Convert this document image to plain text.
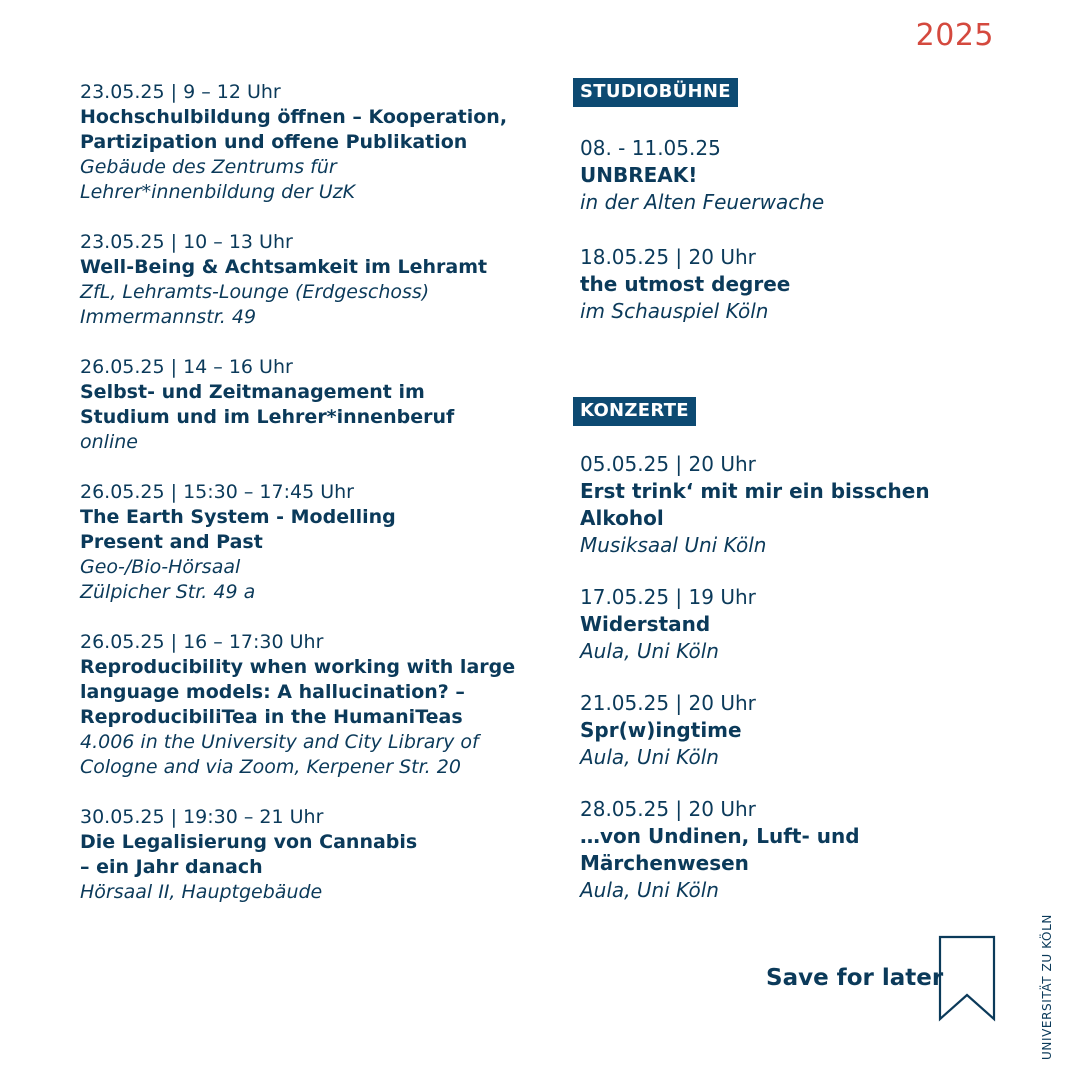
2025
23.05.25 | 9 – 12 Uhr
Hochschulbildung öffnen – Kooperation,
Partizipation und offene Publikation
Gebäude des Zentrums für
Lehrer*innenbildung der UzK
23.05.25 | 10 – 13 Uhr
Well-Being & Achtsamkeit im Lehramt
ZfL, Lehramts-Lounge (Erdgeschoss)
Immermannstr. 49
26.05.25 | 14 – 16 Uhr
Selbst- und Zeitmanagement im
Studium und im Lehrer*innenberuf
online
26.05.25 | 15:30 – 17:45 Uhr
The Earth System - Modelling
Present and Past
Geo-/Bio-Hörsaal
Zülpicher Str. 49 a
26.05.25 | 16 – 17:30 Uhr
Reproducibility when working with large
language models: A hallucination? –
ReproducibiliTea in the HumaniTeas
4.006 in the University and City Library of
Cologne and via Zoom, Kerpener Str. 20
30.05.25 | 19:30 – 21 Uhr
Die Legalisierung von Cannabis
– ein Jahr danach
Hörsaal II, Hauptgebäude
STUDIOBÜHNE
08. - 11.05.25
UNBREAK!
in der Alten Feuerwache
18.05.25 | 20 Uhr
the utmost degree
im Schauspiel Köln
KONZERTE
05.05.25 | 20 Uhr
Erst trink‘ mit mir ein bisschen Alkohol
Musiksaal Uni Köln
17.05.25 | 19 Uhr
Widerstand
Aula, Uni Köln
21.05.25 | 20 Uhr
Spr(w)ingtime
Aula, Uni Köln
28.05.25 | 20 Uhr
…von Undinen, Luft- und Märchenwesen
Aula, Uni Köln
Save for later	UNIVERSITÄT ZU KÖLN
